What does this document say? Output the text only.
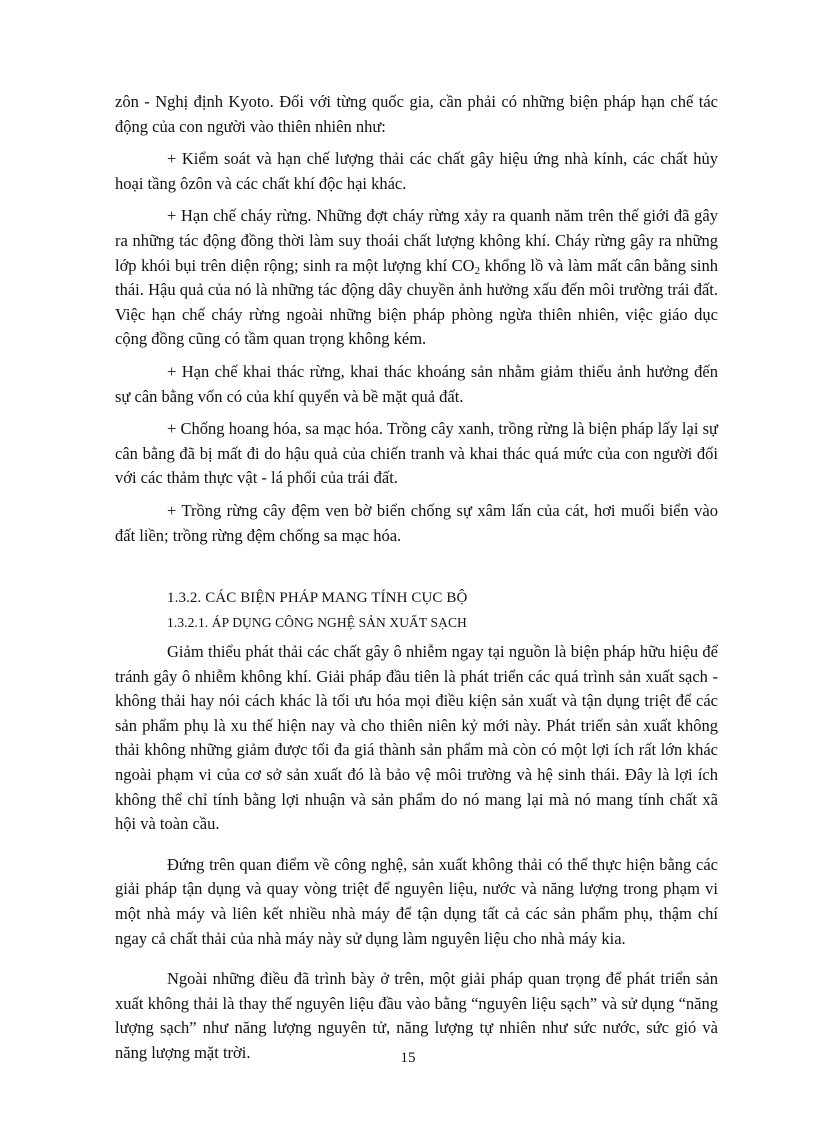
zôn - Nghị định Kyoto. Đối với từng quốc gia, cần phải có những biện pháp hạn chế tác động của con người vào thiên nhiên như:

+ Kiểm soát và hạn chế lượng thải các chất gây hiệu ứng nhà kính, các chất hủy hoại tầng ôzôn và các chất khí độc hại khác.

+ Hạn chế cháy rừng. Những đợt cháy rừng xảy ra quanh năm trên thế giới đã gây ra những tác động đồng thời làm suy thoái chất lượng không khí. Cháy rừng gây ra những lớp khói bụi trên diện rộng; sinh ra một lượng khí $CO_2$ khổng lồ và làm mất cân bằng sinh thái. Hậu quả của nó là những tác động dây chuyền ảnh hưởng xấu đến môi trường trái đất. Việc hạn chế cháy rừng ngoài những biện pháp phòng ngừa thiên nhiên, việc giáo dục cộng đồng cũng có tầm quan trọng không kém.

+ Hạn chế khai thác rừng, khai thác khoáng sản nhằm giảm thiểu ảnh hưởng đến sự cân bằng vốn có của khí quyển và bề mặt quả đất.

+ Chống hoang hóa, sa mạc hóa. Trồng cây xanh, trồng rừng là biện pháp lấy lại sự cân bằng đã bị mất đi do hậu quả của chiến tranh và khai thác quá mức của con người đối với các thảm thực vật - lá phổi của trái đất.

+ Trồng rừng cây đệm ven bờ biển chống sự xâm lấn của cát, hơi muối biển vào đất liền; trồng rừng đệm chống sa mạc hóa.

1.3.2. CÁC BIỆN PHÁP MANG TÍNH CỤC BỘ

1.3.2.1. ÁP DỤNG CÔNG NGHỆ SẢN XUẤT SẠCH

Giảm thiểu phát thải các chất gây ô nhiễm ngay tại nguồn là biện pháp hữu hiệu để tránh gây ô nhiễm không khí. Giải pháp đầu tiên là phát triển các quá trình sản xuất sạch - không thải hay nói cách khác là tối ưu hóa mọi điều kiện sản xuất và tận dụng triệt để các sản phẩm phụ là xu thế hiện nay và cho thiên niên kỷ mới này. Phát triển sản xuất không thải không những giảm được tối đa giá thành sản phẩm mà còn có một lợi ích rất lớn khác ngoài phạm vi của cơ sở sản xuất đó là bảo vệ môi trường và hệ sinh thái. Đây là lợi ích không thể chỉ tính bằng lợi nhuận và sản phẩm do nó mang lại mà nó mang tính chất xã hội và toàn cầu.

Đứng trên quan điểm về công nghệ, sản xuất không thải có thể thực hiện bằng các giải pháp tận dụng và quay vòng triệt để nguyên liệu, nước và năng lượng trong phạm vi một nhà máy và liên kết nhiều nhà máy để tận dụng tất cả các sản phẩm phụ, thậm chí ngay cả chất thải của nhà máy này sử dụng làm nguyên liệu cho nhà máy kia.

Ngoài những điều đã trình bày ở trên, một giải pháp quan trọng để phát triển sản xuất không thải là thay thế nguyên liệu đầu vào bằng “nguyên liệu sạch” và sử dụng “năng lượng sạch” như năng lượng nguyên tử, năng lượng tự nhiên như sức nước, sức gió và năng lượng mặt trời.	15
